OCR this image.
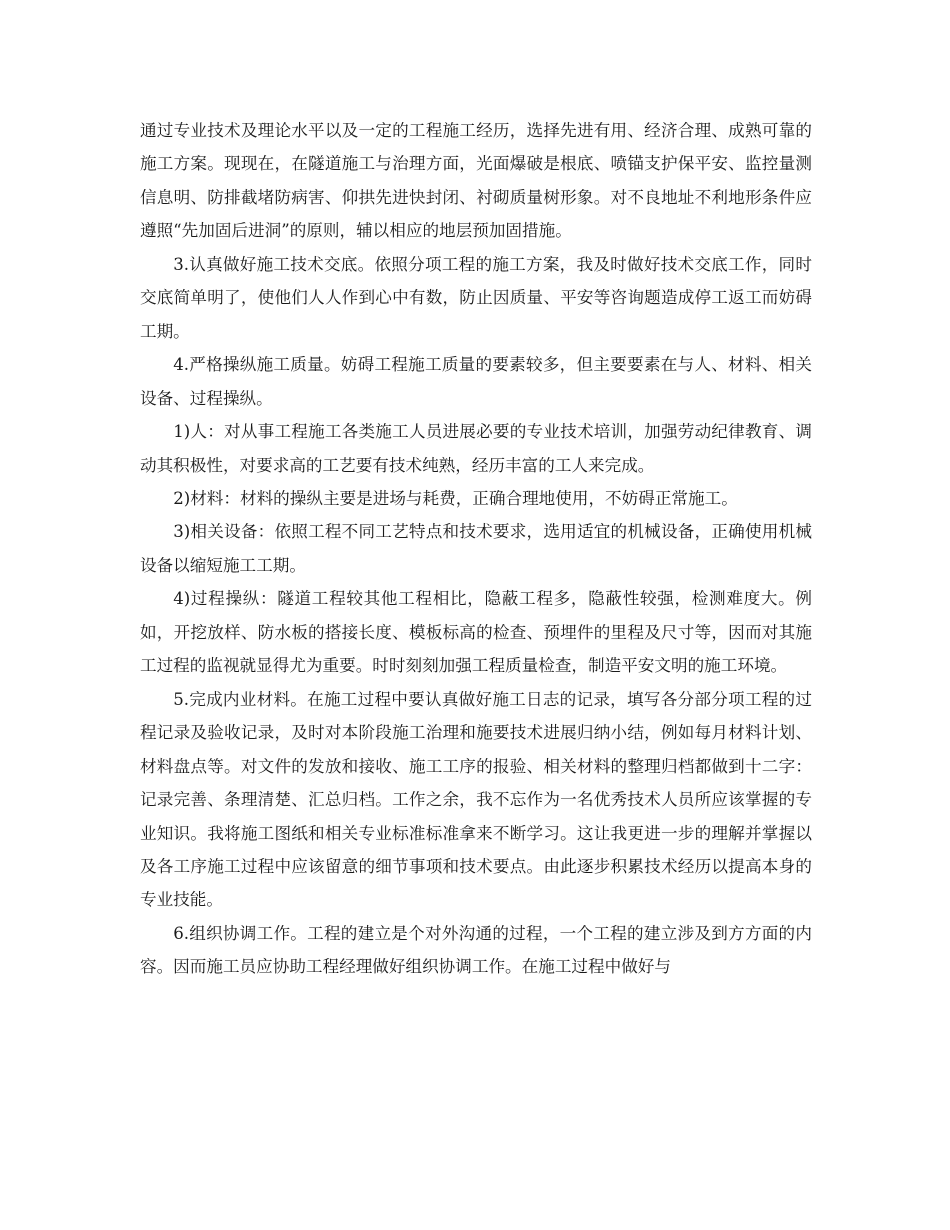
通过专业技术及理论水平以及一定的工程施工经历，选择先进有用、经济合理、成熟可靠的施工方案。现现在，在隧道施工与治理方面，光面爆破是根底、喷锚支护保平安、监控量测信息明、防排截堵防病害、仰拱先进快封闭、衬砌质量树形象。对不良地址不利地形条件应遵照“先加固后进洞”的原则，辅以相应的地层预加固措施。

3.认真做好施工技术交底。依照分项工程的施工方案，我及时做好技术交底工作，同时交底简单明了，使他们人人作到心中有数，防止因质量、平安等咨询题造成停工返工而妨碍工期。

4.严格操纵施工质量。妨碍工程施工质量的要素较多，但主要要素在与人、材料、相关设备、过程操纵。

1)人：对从事工程施工各类施工人员进展必要的专业技术培训，加强劳动纪律教育、调动其积极性，对要求高的工艺要有技术纯熟，经历丰富的工人来完成。

2)材料：材料的操纵主要是进场与耗费，正确合理地使用，不妨碍正常施工。

3)相关设备：依照工程不同工艺特点和技术要求，选用适宜的机械设备，正确使用机械设备以缩短施工工期。

4)过程操纵：隧道工程较其他工程相比，隐蔽工程多，隐蔽性较强，检测难度大。例如，开挖放样、防水板的搭接长度、模板标高的检查、预埋件的里程及尺寸等，因而对其施工过程的监视就显得尤为重要。时时刻刻加强工程质量检查，制造平安文明的施工环境。

5.完成内业材料。在施工过程中要认真做好施工日志的记录，填写各分部分项工程的过程记录及验收记录，及时对本阶段施工治理和施要技术进展归纳小结，例如每月材料计划、材料盘点等。对文件的发放和接收、施工工序的报验、相关材料的整理归档都做到十二字：记录完善、条理清楚、汇总归档。工作之余，我不忘作为一名优秀技术人员所应该掌握的专业知识。我将施工图纸和相关专业标准标准拿来不断学习。这让我更进一步的理解并掌握以及各工序施工过程中应该留意的细节事项和技术要点。由此逐步积累技术经历以提高本身的专业技能。

6.组织协调工作。工程的建立是个对外沟通的过程，一个工程的建立涉及到方方面的内容。因而施工员应协助工程经理做好组织协调工作。在施工过程中做好与
